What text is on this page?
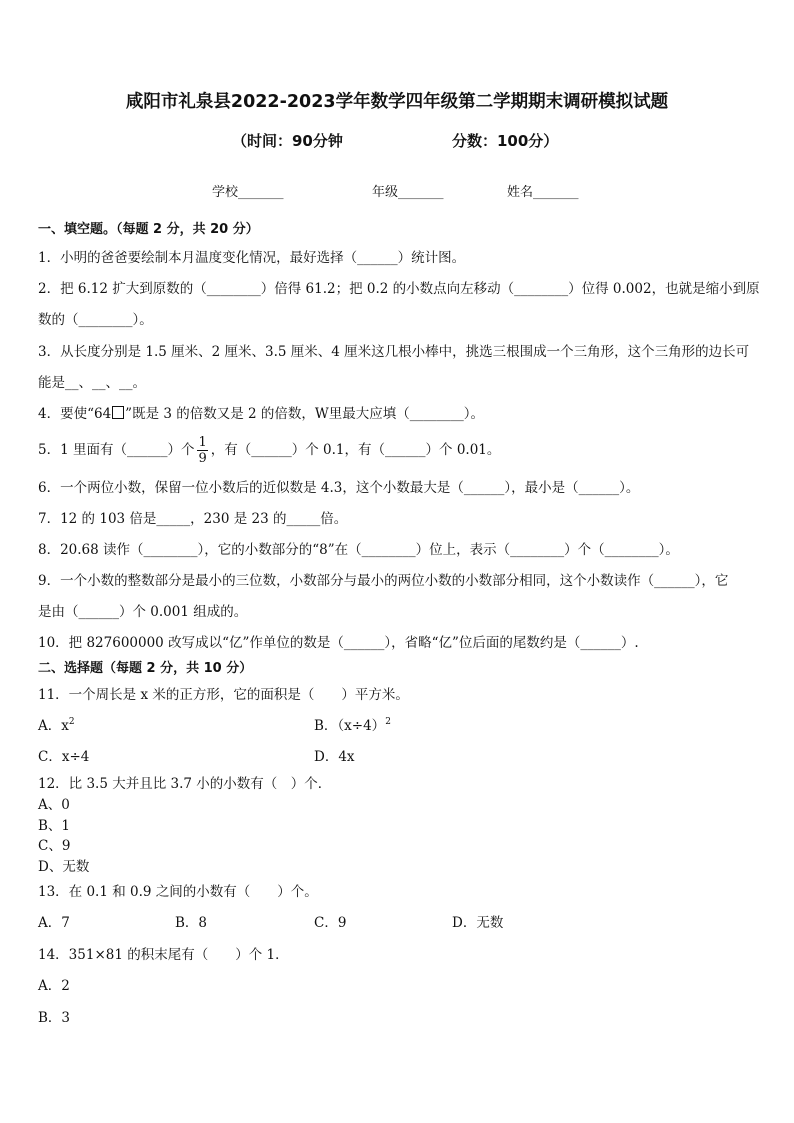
咸阳市礼泉县2022-2023学年数学四年级第二学期期末调研模拟试题
（时间：90分钟	分数：100分）
学校_______	年级_______	姓名_______
一、填空题。（每题 2 分，共 20 分）
1．小明的爸爸要绘制本月温度变化情况，最好选择（______）统计图。
2．把 6.12 扩大到原数的（________）倍得 61.2；把 0.2 的小数点向左移动（________）位得 0.002，也就是缩小到原
数的（________）。
3．从长度分别是 1.5 厘米、2 厘米、3.5 厘米、4 厘米这几根小棒中，挑选三根围成一个三角形，这个三角形的边长可
能是__、__、__。
4．要使“64 ”既是 3 的倍数又是 2 的倍数，W里最大应填（________）。
5．1 里面有（______）个 $\frac{1}{9}$ ，有（______）个 0.1，有（______）个 0.01。
6．一个两位小数，保留一位小数后的近似数是 4.3，这个小数最大是（______），最小是（______）。
7．12 的 103 倍是_____，230 是 23 的_____倍。
8．20.68 读作（________），它的小数部分的“8”在（________）位上，表示（________）个（________）。
9．一个小数的整数部分是最小的三位数，小数部分与最小的两位小数的小数部分相同，这个小数读作（______），它
是由（______）个 0.001 组成的。
10．把 827600000 改写成以“亿”作单位的数是（______），省略“亿”位后面的尾数约是（______）.
二、选择题（每题 2 分，共 10 分）
11．一个周长是 x 米的正方形，它的面积是（　　）平方米。
A．$x^2$	B．$(x\div 4)^2$
C．x÷4	D．4x
12．比 3.5 大并且比 3.7 小的小数有（　）个．
A、0
B、1
C、9
D、无数
13．在 0.1 和 0.9 之间的小数有（　　）个。
A．7	B．8	C．9	D．无数
14．351×81 的积末尾有（　　）个 1．
A．2
B．3
